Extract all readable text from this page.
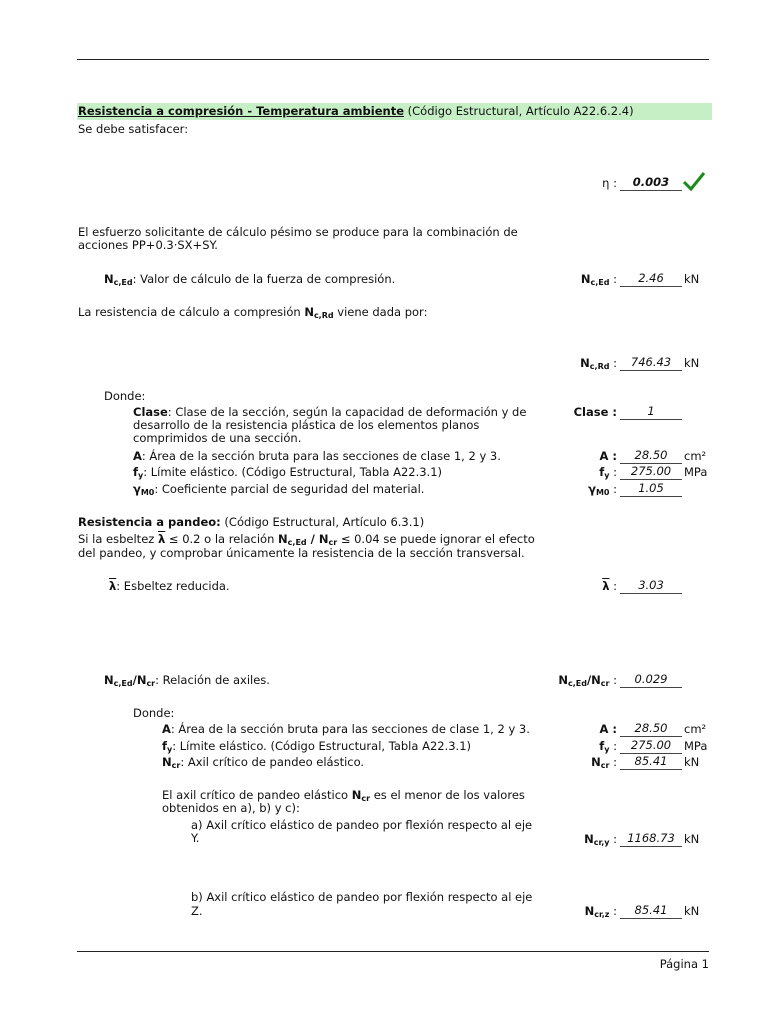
Resistencia a compresión - Temperatura ambiente (Código Estructural, Artículo A22.6.2.4)
Se debe satisfacer:
η :	0.003
El esfuerzo solicitante de cálculo pésimo se produce para la combinación de
acciones PP+0.3·SX+SY.
$N_{c,Ed}$: Valor de cálculo de la fuerza de compresión.	$N_{c,Ed}$ :	2.46	kN
La resistencia de cálculo a compresión $N_{c,Rd}$ viene dada por:
$N_{c,Rd}$ :	746.43	kN
Donde:
Clase: Clase de la sección, según la capacidad de deformación y de
desarrollo de la resistencia plástica de los elementos planos
comprimidos de una sección.
Clase :	1
A: Área de la sección bruta para las secciones de clase 1, 2 y 3.	A :	28.50	cm²
$f_y$: Límite elástico. (Código Estructural, Tabla A22.3.1)	$f_y$ :	275.00	MPa
$\gamma_{M0}$: Coeficiente parcial de seguridad del material.	$\gamma_{M0}$ :	1.05
Resistencia a pandeo: (Código Estructural, Artículo 6.3.1)
Si la esbeltez $\overline{\lambda} \le 0.2$ o la relación $N_{c,Ed} / N_{cr} \le 0.04$ se puede ignorar el efecto
del pandeo, y comprobar únicamente la resistencia de la sección transversal.
$\overline{\lambda}$: Esbeltez reducida.	$\overline{\lambda}$ :	3.03
$N_{c,Ed}/N_{cr}$: Relación de axiles.	$N_{c,Ed}/N_{cr}$ :	0.029
Donde:
A: Área de la sección bruta para las secciones de clase 1, 2 y 3.	A :	28.50	cm²
$f_y$: Límite elástico. (Código Estructural, Tabla A22.3.1)	$f_y$ :	275.00	MPa
$N_{cr}$: Axil crítico de pandeo elástico.	$N_{cr}$ :	85.41	kN
El axil crítico de pandeo elástico $N_{cr}$ es el menor de los valores
obtenidos en a), b) y c):
a) Axil crítico elástico de pandeo por flexión respecto al eje
Y.	$N_{cr,y}$ : 1168.73 kN
b) Axil crítico elástico de pandeo por flexión respecto al eje
Z.	$N_{cr,z}$ :	85.41	kN
Página 1
